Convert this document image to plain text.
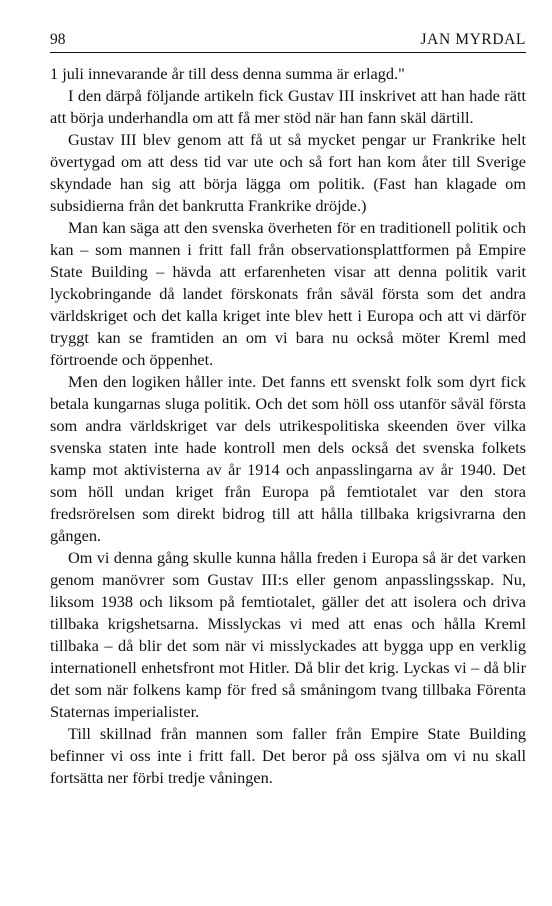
98	JAN MYRDAL

1 juli innevarande år till dess denna summa är erlagd."

I den därpå följande artikeln fick Gustav III inskrivet att han hade rätt att börja underhandla om att få mer stöd när han fann skäl därtill.

Gustav III blev genom att få ut så mycket pengar ur Frankrike helt övertygad om att dess tid var ute och så fort han kom åter till Sverige skyndade han sig att börja lägga om politik. (Fast han klagade om subsidierna från det bankrutta Frankrike dröjde.)

Man kan säga att den svenska överheten för en traditionell politik och kan – som mannen i fritt fall från observationsplattformen på Empire State Building – hävda att erfarenheten visar att denna politik varit lyckobringande då landet förskonats från såväl första som det andra världskriget och det kalla kriget inte blev hett i Europa och att vi därför tryggt kan se framtiden an om vi bara nu också möter Kreml med förtroende och öppenhet.

Men den logiken håller inte. Det fanns ett svenskt folk som dyrt fick betala kungarnas sluga politik. Och det som höll oss utanför såväl första som andra världskriget var dels utrikespolitiska skeenden över vilka svenska staten inte hade kontroll men dels också det svenska folkets kamp mot aktivisterna av år 1914 och anpasslingarna av år 1940. Det som höll undan kriget från Europa på femtiotalet var den stora fredsrörelsen som direkt bidrog till att hålla tillbaka krigsivrarna den gången.

Om vi denna gång skulle kunna hålla freden i Europa så är det varken genom manövrer som Gustav III:s eller genom anpasslingsskap. Nu, liksom 1938 och liksom på femtiotalet, gäller det att isolera och driva tillbaka krigshetsarna. Misslyckas vi med att enas och hålla Kreml tillbaka – då blir det som när vi misslyckades att bygga upp en verklig internationell enhetsfront mot Hitler. Då blir det krig. Lyckas vi – då blir det som när folkens kamp för fred så småningom tvang tillbaka Förenta Staternas imperialister.

Till skillnad från mannen som faller från Empire State Building befinner vi oss inte i fritt fall. Det beror på oss själva om vi nu skall fortsätta ner förbi tredje våningen.
